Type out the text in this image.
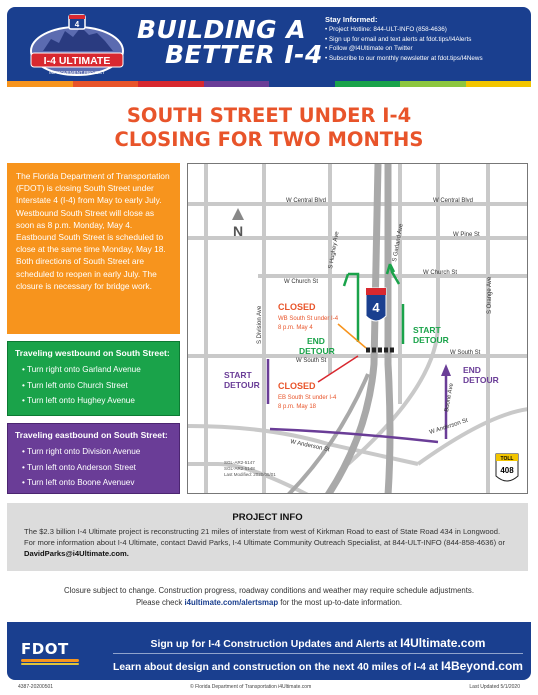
4
I-4 ULTIMATE
IMPROVEMENT PROJECT
BUILDING A
BETTER I-4
Stay Informed:
• Project Hotline: 844-ULT-INFO (858-4636)
• Sign up for email and text alerts at fdot.tips/I4Alerts
• Follow @I4Ultimate on Twitter
• Subscribe to our monthly newsletter at fdot.tips/I4News
SOUTH STREET UNDER I-4
CLOSING FOR TWO MONTHS
The Florida Department of Transportation (FDOT) is closing South Street under Interstate 4 (I-4) from May to early July. Westbound South Street will close as soon as 8 p.m. Monday, May 4. Eastbound South Street is scheduled to close at the same time Monday, May 18. Both directions of South Street are scheduled to reopen in early July. The closure is necessary for bridge work.
Traveling westbound on South Street:
• Turn right onto Garland Avenue
• Turn left onto Church Street
• Turn left onto Hughey Avenue
Traveling eastbound on South Street:
• Turn right onto Division Avenue
• Turn left onto Anderson Street
• Turn left onto Boone Avenuev
N
4
W Central Blvd	W Central Blvd
W Pine St
W Church St
W Church St
W South St
W South St
W Anderson St
W Anderson St
S Division Ave
S Hughey Ave	S Garland Ave
Boone Ave
S Orange Ave
CLOSED
WB South St under I-4
8 p.m. May 4
CLOSED
EB South St under I-4
8 p.m. May 18
END
DETOUR
START
DETOUR
START
DETOUR
END
DETOUR
TOLL
408
SGL-AR2-5147
SGL-AR2-5148
Last Modified: 2020/05/01
PROJECT INFO

The $2.3 billion I-4 Ultimate project is reconstructing 21 miles of interstate from west of Kirkman Road to east of State Road 434 in Longwood. For more information about I-4 Ultimate, contact David Parks, I-4 Ultimate Community Outreach Specialist, at 844-ULT-INFO (844-858-4636) or DavidParks@i4Ultimate.com.

Closure subject to change. Construction progress, roadway conditions and weather may require schedule adjustments.
Please check i4ultimate.com/alertsmap for the most up-to-date information.
FDOT	Sign up for I-4 Construction Updates and Alerts at I4Ultimate.com
Learn about design and construction on the next 40 miles of I-4 at I4Beyond.com
4387-20200501	© Florida Department of Transportation i4Ultimate.com	Last Updated 5/1/2020
